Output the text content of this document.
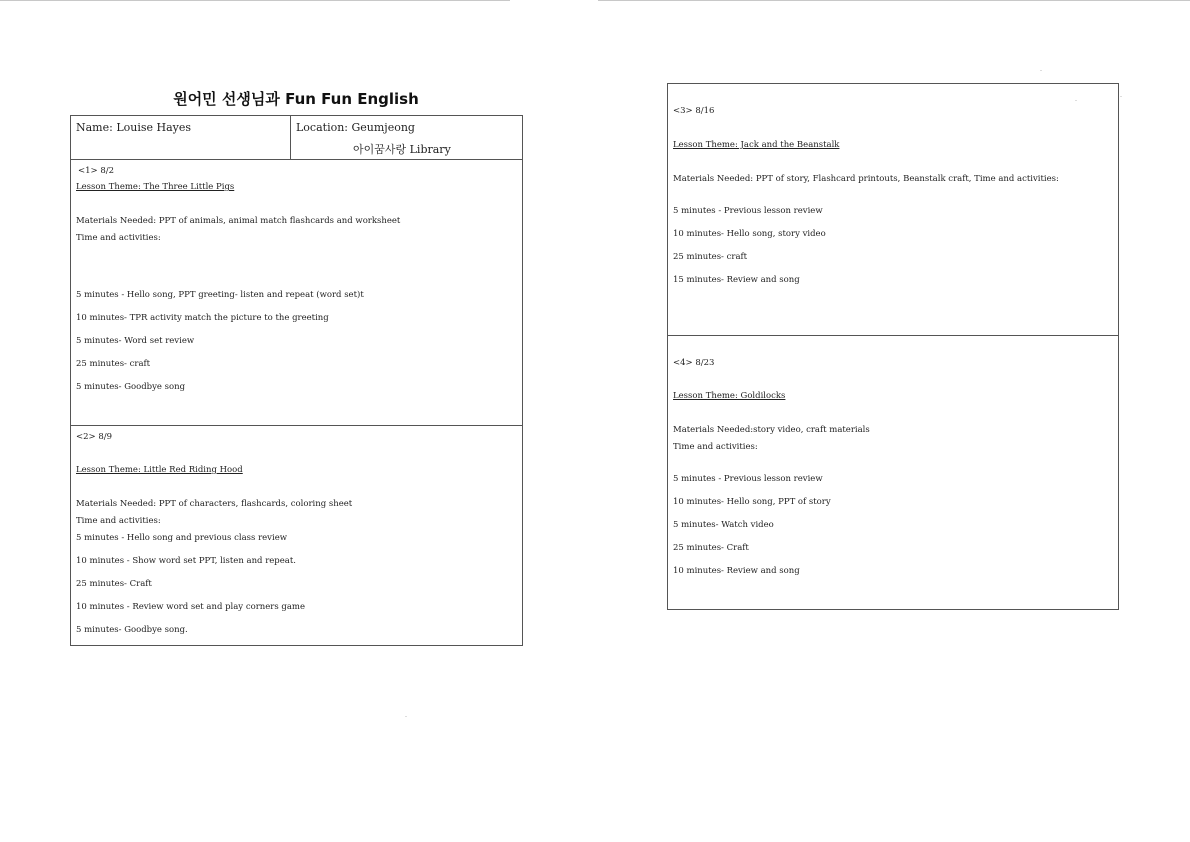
원어민 선생님과 Fun Fun English
Name: Louise Hayes	Location: Geumjeong
아이꿈사랑 Library
<1> 8/2
Lesson Theme: The Three Little Pigs
Materials Needed: PPT of animals, animal match flashcards and worksheet
Time and activities:
5 minutes - Hello song, PPT greeting- listen and repeat (word set)t
10 minutes- TPR activity match the picture to the greeting
5 minutes- Word set review
25 minutes- craft
5 minutes- Goodbye song
<2> 8/9
Lesson Theme: Little Red Riding Hood
Materials Needed: PPT of characters, flashcards, coloring sheet
Time and activities:
5 minutes - Hello song and previous class review
10 minutes - Show word set PPT, listen and repeat.
25 minutes- Craft
10 minutes - Review word set and play corners game
5 minutes- Goodbye song.
<3> 8/16
Lesson Theme: Jack and the Beanstalk
Materials Needed: PPT of story, Flashcard printouts, Beanstalk craft, Time and activities:
5 minutes - Previous lesson review
10 minutes- Hello song, story video
25 minutes- craft
15 minutes- Review and song
<4> 8/23
Lesson Theme: Goldilocks
Materials Needed:story video, craft materials
Time and activities:
5 minutes - Previous lesson review
10 minutes- Hello song, PPT of story
5 minutes- Watch video
25 minutes- Craft
10 minutes- Review and song
